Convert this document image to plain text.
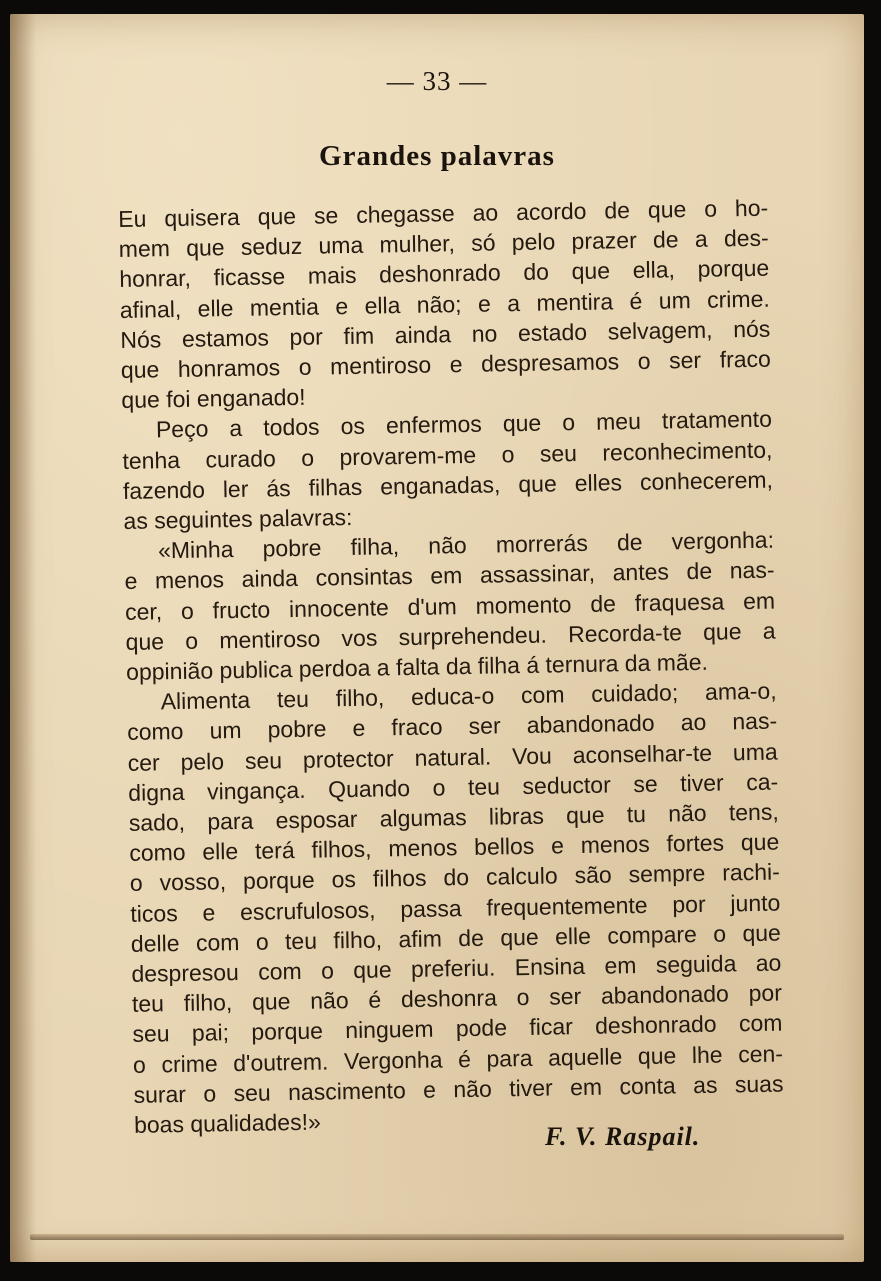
— 33 —
Grandes palavras
Eu quisera que se chegasse ao acordo de que o ho-
mem que seduz uma mulher, só pelo prazer de a des-
honrar, ficasse mais deshonrado do que ella, porque
afinal, elle mentia e ella não; e a mentira é um crime.
Nós estamos por fim ainda no estado selvagem, nós
que honramos o mentiroso e despresamos o ser fraco
que foi enganado!
Peço a todos os enfermos que o meu tratamento
tenha curado o provarem-me o seu reconhecimento,
fazendo ler ás filhas enganadas, que elles conhecerem,
as seguintes palavras:
«Minha pobre filha, não morrerás de vergonha:
e menos ainda consintas em assassinar, antes de nas-
cer, o fructo innocente d'um momento de fraquesa em
que o mentiroso vos surprehendeu. Recorda-te que a
oppinião publica perdoa a falta da filha á ternura da mãe.
Alimenta teu filho, educa-o com cuidado; ama-o,
como um pobre e fraco ser abandonado ao nas-
cer pelo seu protector natural. Vou aconselhar-te uma
digna vingança. Quando o teu seductor se tiver ca-
sado, para esposar algumas libras que tu não tens,
como elle terá filhos, menos bellos e menos fortes que
o vosso, porque os filhos do calculo são sempre rachi-
ticos e escrufulosos, passa frequentemente por junto
delle com o teu filho, afim de que elle compare o que
despresou com o que preferiu. Ensina em seguida ao
teu filho, que não é deshonra o ser abandonado por
seu pai; porque ninguem pode ficar deshonrado com
o crime d'outrem. Vergonha é para aquelle que lhe cen-
surar o seu nascimento e não tiver em conta as suas
boas qualidades!»	F. V. Raspail.
